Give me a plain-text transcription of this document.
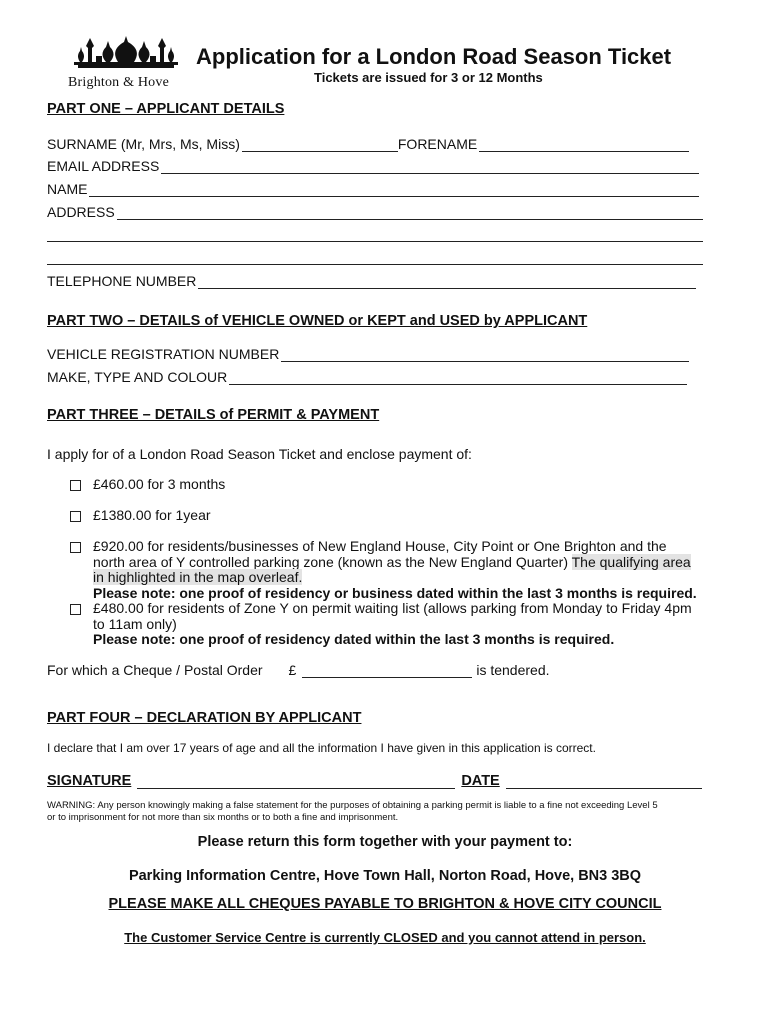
Brighton & Hove
Application for a London Road Season Ticket
Tickets are issued for 3 or 12 Months
PART ONE – APPLICANT DETAILS
SURNAME (Mr, Mrs, Ms, Miss)	FORENAME
EMAIL ADDRESS
NAME
ADDRESS
TELEPHONE NUMBER
PART TWO – DETAILS of VEHICLE OWNED or KEPT and USED by APPLICANT
VEHICLE REGISTRATION NUMBER
MAKE, TYPE AND COLOUR
PART THREE – DETAILS of PERMIT & PAYMENT
I apply for of a London Road Season Ticket and enclose payment of:
£460.00 for 3 months
£1380.00 for 1year
£920.00 for residents/businesses of New England House, City Point or One Brighton and the
north area of Y controlled parking zone (known as the New England Quarter) The qualifying area
in highlighted in the map overleaf.
Please note: one proof of residency or business dated within the last 3 months is required.
£480.00 for residents of Zone Y on permit waiting list (allows parking from Monday to Friday 4pm
to 11am only)
Please note: one proof of residency dated within the last 3 months is required.
For which a Cheque / Postal Order £	is tendered.
PART FOUR – DECLARATION BY APPLICANT
I declare that I am over 17 years of age and all the information I have given in this application is correct.
SIGNATURE	DATE
WARNING: Any person knowingly making a false statement for the purposes of obtaining a parking permit is liable to a fine not exceeding Level 5
or to imprisonment for not more than six months or to both a fine and imprisonment.
Please return this form together with your payment to:
Parking Information Centre, Hove Town Hall, Norton Road, Hove, BN3 3BQ
PLEASE MAKE ALL CHEQUES PAYABLE TO BRIGHTON & HOVE CITY COUNCIL
The Customer Service Centre is currently CLOSED and you cannot attend in person.
